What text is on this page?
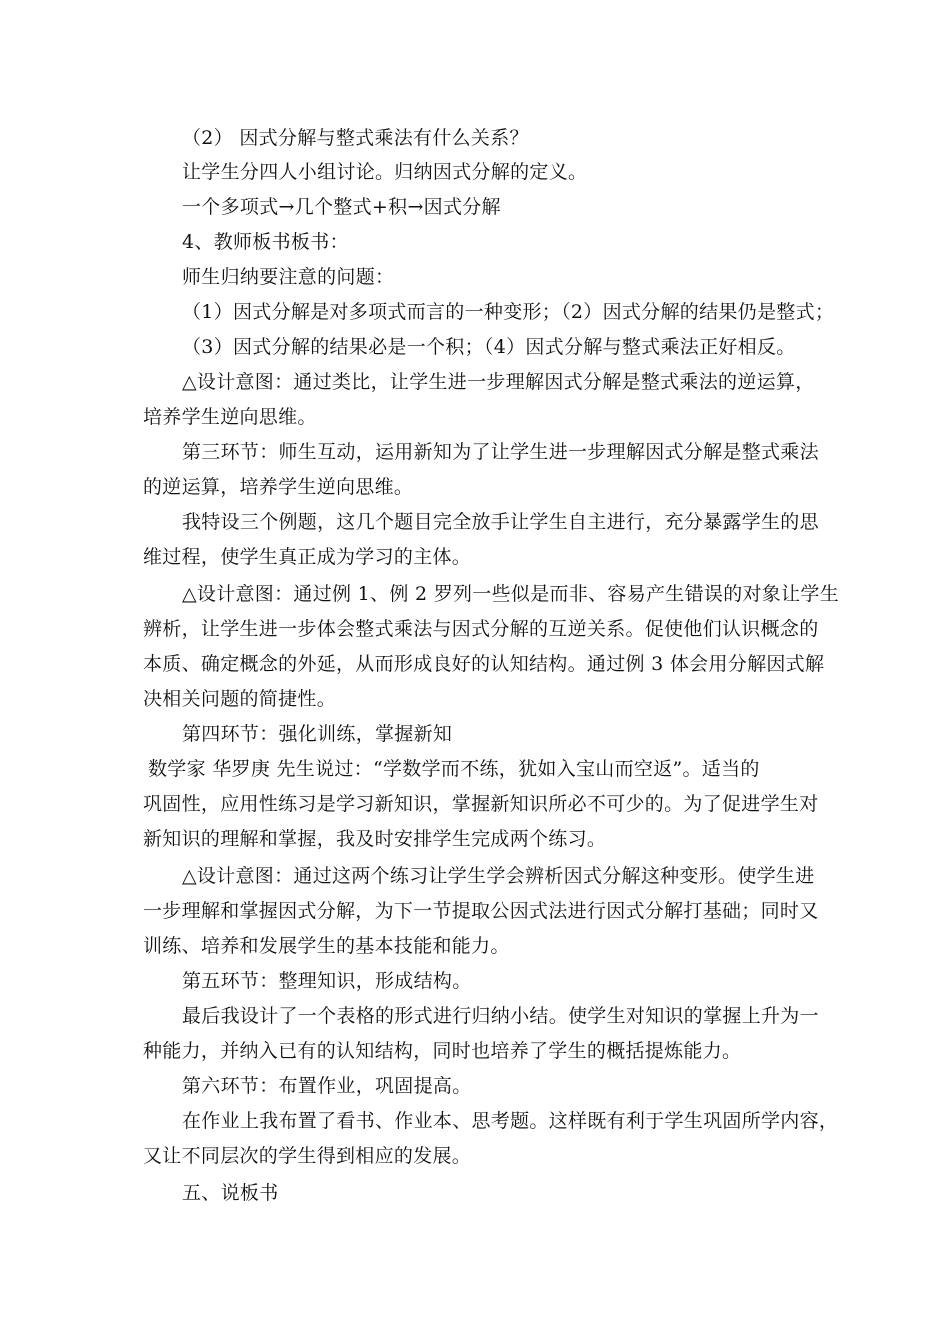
（2） 因式分解与整式乘法有什么关系？
让学生分四人小组讨论。归纳因式分解的定义。
一个多项式→几个整式+积→因式分解
4、教师板书板书：
师生归纳要注意的问题：
（1）因式分解是对多项式而言的一种变形；（2）因式分解的结果仍是整式；
（3）因式分解的结果必是一个积；（4）因式分解与整式乘法正好相反。
△设计意图：通过类比，让学生进一步理解因式分解是整式乘法的逆运算，
培养学生逆向思维。
第三环节：师生互动，运用新知为了让学生进一步理解因式分解是整式乘法
的逆运算，培养学生逆向思维。
我特设三个例题，这几个题目完全放手让学生自主进行，充分暴露学生的思
维过程，使学生真正成为学习的主体。
△设计意图：通过例 1、例 2 罗列一些似是而非、容易产生错误的对象让学生
辨析，让学生进一步体会整式乘法与因式分解的互逆关系。促使他们认识概念的
本质、确定概念的外延，从而形成良好的认知结构。通过例 3 体会用分解因式解
决相关问题的简捷性。
第四环节：强化训练，掌握新知
数学家 华罗庚 先生说过：“学数学而不练，犹如入宝山而空返”。适当的
巩固性，应用性练习是学习新知识，掌握新知识所必不可少的。为了促进学生对
新知识的理解和掌握，我及时安排学生完成两个练习。
△设计意图：通过这两个练习让学生学会辨析因式分解这种变形。使学生进
一步理解和掌握因式分解，为下一节提取公因式法进行因式分解打基础；同时又
训练、培养和发展学生的基本技能和能力。
第五环节：整理知识，形成结构。
最后我设计了一个表格的形式进行归纳小结。使学生对知识的掌握上升为一
种能力，并纳入已有的认知结构，同时也培养了学生的概括提炼能力。
第六环节：布置作业，巩固提高。
在作业上我布置了看书、作业本、思考题。这样既有利于学生巩固所学内容，
又让不同层次的学生得到相应的发展。
五、说板书
